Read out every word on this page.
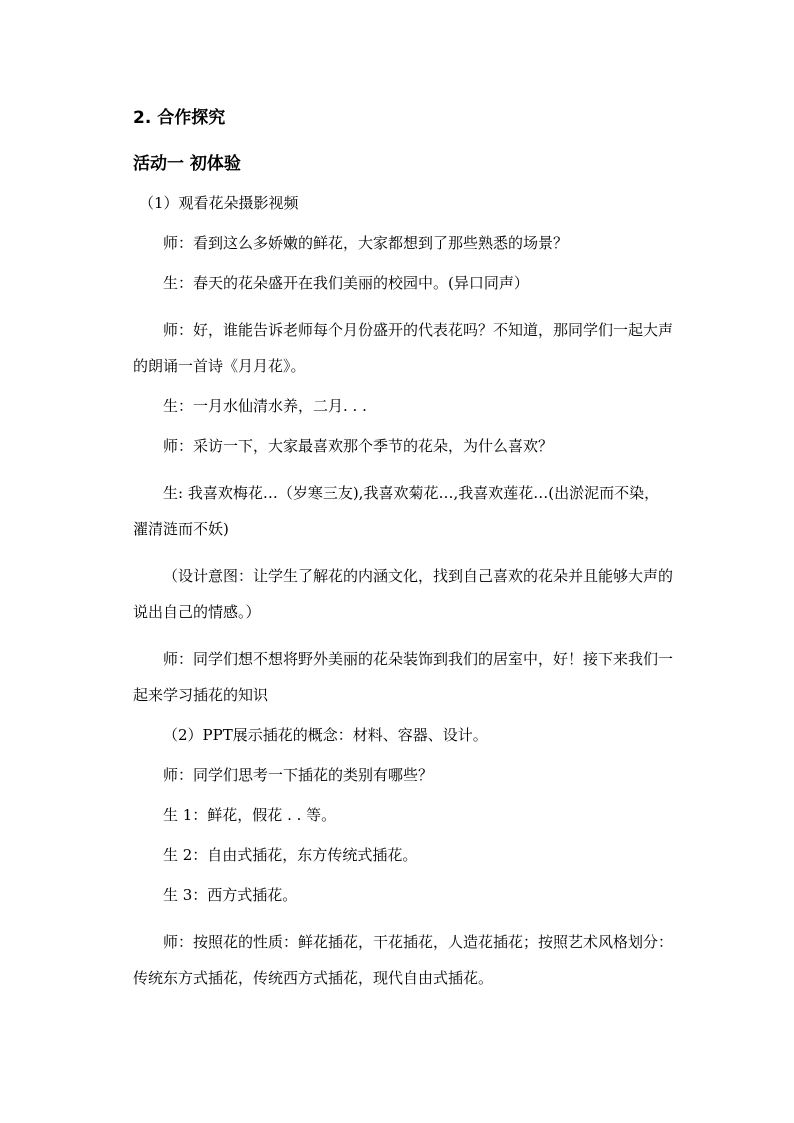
2. 合作探究
活动一 初体验

（1）观看花朵摄影视频

师：看到这么多娇嫩的鲜花，大家都想到了那些熟悉的场景？

生：春天的花朵盛开在我们美丽的校园中。(异口同声）

师：好，谁能告诉老师每个月份盛开的代表花吗？不知道，那同学们一起大声的朗诵一首诗《月月花》。

生：一月水仙清水养，二月. . .

师：采访一下，大家最喜欢那个季节的花朵，为什么喜欢？

生: 我喜欢梅花…（岁寒三友),我喜欢菊花…,我喜欢莲花…(出淤泥而不染，濯清涟而不妖)

（设计意图：让学生了解花的内涵文化，找到自己喜欢的花朵并且能够大声的说出自己的情感。）

师：同学们想不想将野外美丽的花朵装饰到我们的居室中，好！接下来我们一起来学习插花的知识

（2）PPT展示插花的概念：材料、容器、设计。

师：同学们思考一下插花的类别有哪些？

生 1：鲜花，假花 . . 等。

生 2：自由式插花，东方传统式插花。

生 3：西方式插花。

师：按照花的性质：鲜花插花，干花插花，人造花插花；按照艺术风格划分：传统东方式插花，传统西方式插花，现代自由式插花。
